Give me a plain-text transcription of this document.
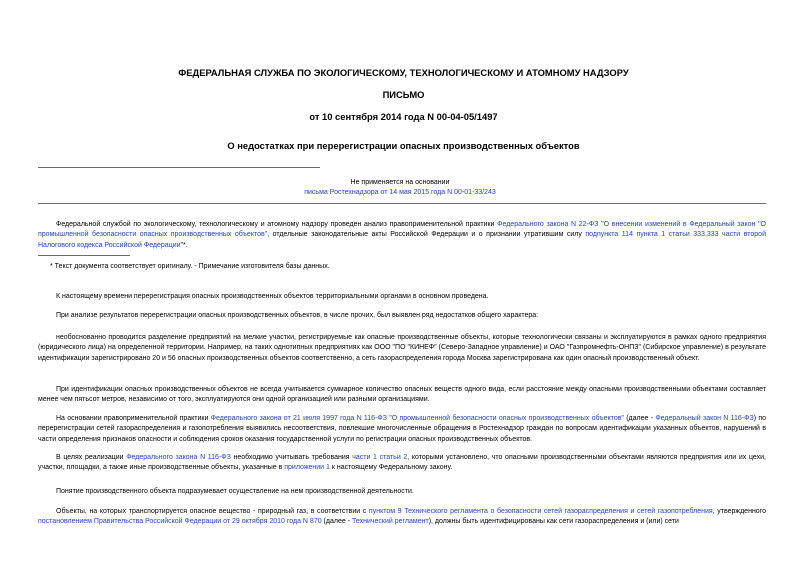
ФЕДЕРАЛЬНАЯ СЛУЖБА ПО ЭКОЛОГИЧЕСКОМУ, ТЕХНОЛОГИЧЕСКОМУ И АТОМНОМУ НАДЗОРУ
ПИСЬМО
от 10 сентября 2014 года N 00-04-05/1497
О недостатках при перерегистрации опасных производственных объектов
Не применяется на основании
письма Ростехнадзора от 14 мая 2015 года N 00-01-33/243
Федеральной службой по экологическому, технологическому и атомному надзору проведен анализ правоприменительной практики Федерального закона N 22-ФЗ "О внесении изменений в Федеральный закон "О промышленной безопасности опасных производственных объектов", отдельные законодательные акты Российской Федерации и о признании утратившим силу подпункта 114 пункта 1 статьи 333.333 части второй Налогового кодекса Российской Федерации"*.
* Текст документа соответствует оригиналу. - Примечание изготовителя базы данных.
К настоящему времени перерегистрация опасных производственных объектов территориальными органами в основном проведена.
При анализе результатов перерегистрации опасных производственных объектов, в числе прочих, был выявлен ряд недостатков общего характера:
необоснованно проводится разделение предприятий на мелкие участки, регистрируемые как опасные производственные объекты, которые технологически связаны и эксплуатируются в рамках одного предприятия (юридического лица) на определенной территории. Например, на таких однотипных предприятиях как ООО "ПО "КИНЕФ" (Северо-Западное управление) и ОАО "Газпромнефть-ОНПЗ" (Сибирское управление) в результате идентификации зарегистрировано 20 и 56 опасных производственных объектов соответственно, а сеть газораспределения города Москва зарегистрирована как один опасный производственный объект.
При идентификации опасных производственных объектов не всегда учитывается суммарное количество опасных веществ одного вида, если расстояние между опасными производственными объектами составляет менее чем пятьсот метров, независимо от того, эксплуатируются они одной организацией или разными организациями.
На основании правоприменительной практики Федерального закона от 21 июля 1997 года N 116-ФЗ "О промышленной безопасности опасных производственных объектов" (далее - Федеральный закон N 116-ФЗ) по перерегистрации сетей газораспределения и газопотребления выявились несоответствия, повлекшие многочисленные обращения в Ростехнадзор граждан по вопросам идентификации указанных объектов, нарушений в части определения признаков опасности и соблюдения сроков оказания государственной услуги по регистрации опасных производственных объектов.
В целях реализации Федерального закона N 116-ФЗ необходимо учитывать требования части 1 статьи 2, которыми установлено, что опасными производственными объектами являются предприятия или их цехи, участки, площадки, а также иные производственные объекты, указанные в приложении 1 к настоящему Федеральному закону.
Понятие производственного объекта подразумевает осуществление на нем производственной деятельности.
Объекты, на которых транспортируется опасное вещество - природный газ, в соответствии с пунктом 9 Технического регламента о безопасности сетей газораспределения и сетей газопотребления, утвержденного постановлением Правительства Российской Федерации от 29 октября 2010 года N 870 (далее - Технический регламент), должны быть идентифицированы как сети газораспределения и (или) сети
